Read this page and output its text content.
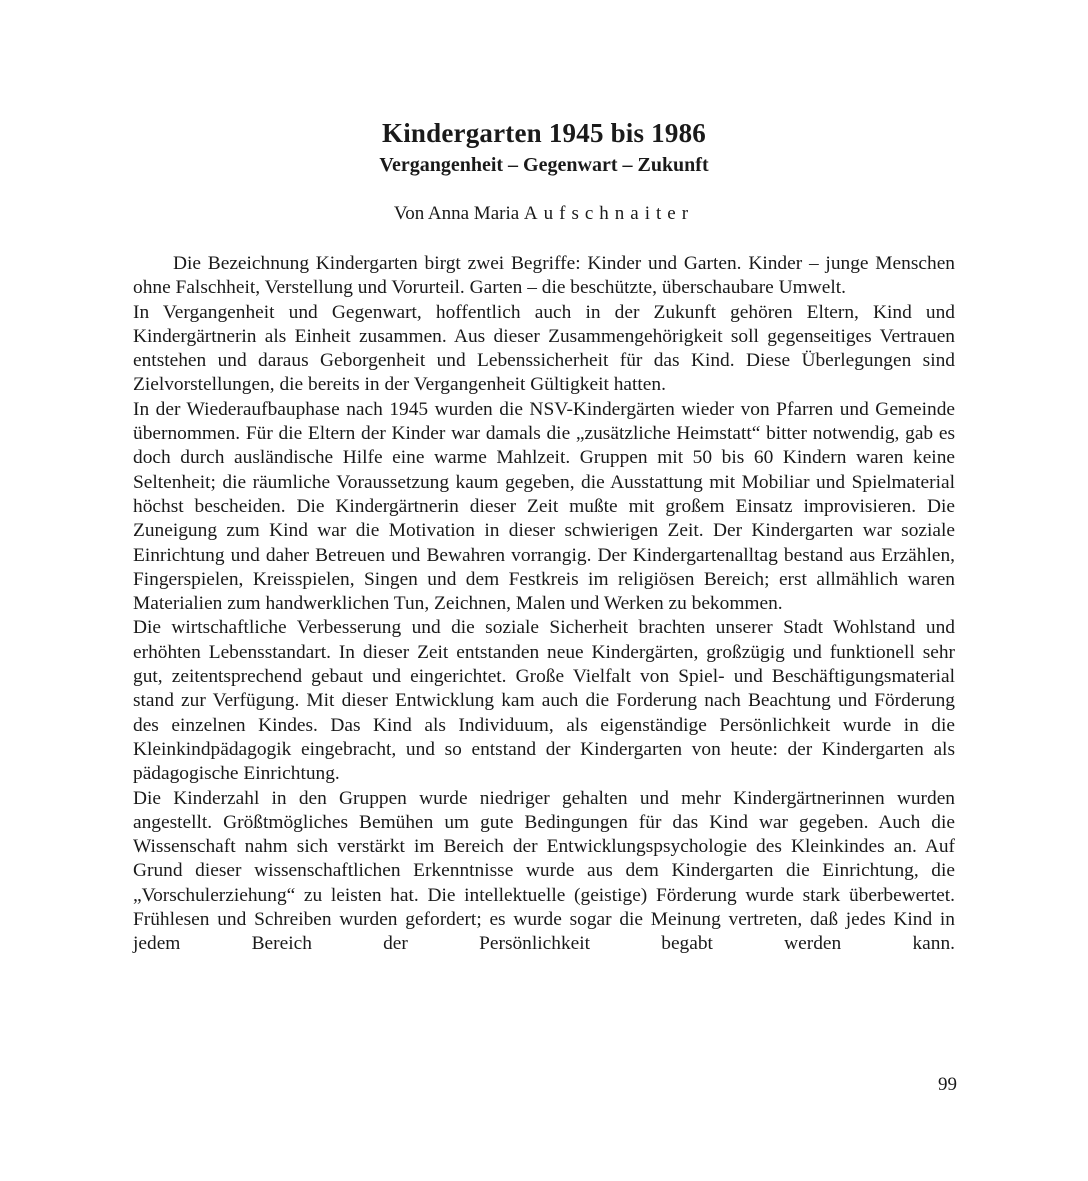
Kindergarten 1945 bis 1986
Vergangenheit – Gegenwart – Zukunft
Von Anna Maria Aufschnaiter

Die Bezeichnung Kindergarten birgt zwei Begriffe: Kinder und Garten. Kinder – junge Menschen ohne Falschheit, Verstellung und Vorurteil. Garten – die beschützte, überschaubare Umwelt.

In Vergangenheit und Gegenwart, hoffentlich auch in der Zukunft gehören Eltern, Kind und Kindergärtnerin als Einheit zusammen. Aus dieser Zusammengehörigkeit soll gegenseitiges Vertrauen entstehen und daraus Geborgenheit und Lebenssicherheit für das Kind. Diese Überlegungen sind Zielvorstellungen, die bereits in der Vergangenheit Gültigkeit hatten.

In der Wiederaufbauphase nach 1945 wurden die NSV-Kindergärten wieder von Pfarren und Gemeinde übernommen. Für die Eltern der Kinder war damals die „zusätzliche Heimstatt“ bitter notwendig, gab es doch durch ausländische Hilfe eine warme Mahlzeit. Gruppen mit 50 bis 60 Kindern waren keine Seltenheit; die räumliche Voraussetzung kaum gegeben, die Ausstattung mit Mobiliar und Spielmaterial höchst bescheiden. Die Kindergärtnerin dieser Zeit mußte mit großem Einsatz improvisieren. Die Zuneigung zum Kind war die Motivation in dieser schwierigen Zeit. Der Kindergarten war soziale Einrichtung und daher Betreuen und Bewahren vorrangig. Der Kindergartenalltag bestand aus Erzählen, Fingerspielen, Kreisspielen, Singen und dem Festkreis im religiösen Bereich; erst allmählich waren Materialien zum handwerklichen Tun, Zeichnen, Malen und Werken zu bekommen.

Die wirtschaftliche Verbesserung und die soziale Sicherheit brachten unserer Stadt Wohlstand und erhöhten Lebensstandart. In dieser Zeit entstanden neue Kindergärten, großzügig und funktionell sehr gut, zeitentsprechend gebaut und eingerichtet. Große Vielfalt von Spiel- und Beschäftigungsmaterial stand zur Verfügung. Mit dieser Entwicklung kam auch die Forderung nach Beachtung und Förderung des einzelnen Kindes. Das Kind als Individuum, als eigenständige Persönlichkeit wurde in die Kleinkindpädagogik eingebracht, und so entstand der Kindergarten von heute: der Kindergarten als pädagogische Einrichtung.

Die Kinderzahl in den Gruppen wurde niedriger gehalten und mehr Kindergärtnerinnen wurden angestellt. Größtmögliches Bemühen um gute Bedingungen für das Kind war gegeben. Auch die Wissenschaft nahm sich verstärkt im Bereich der Entwicklungspsychologie des Kleinkindes an. Auf Grund dieser wissenschaftlichen Erkenntnisse wurde aus dem Kindergarten die Einrichtung, die „Vorschulerziehung“ zu leisten hat. Die intellektuelle (geistige) Förderung wurde stark überbewertet. Frühlesen und Schreiben wurden gefordert; es wurde sogar die Meinung vertreten, daß jedes Kind in jedem Bereich der Persönlichkeit begabt werden kann.

99
